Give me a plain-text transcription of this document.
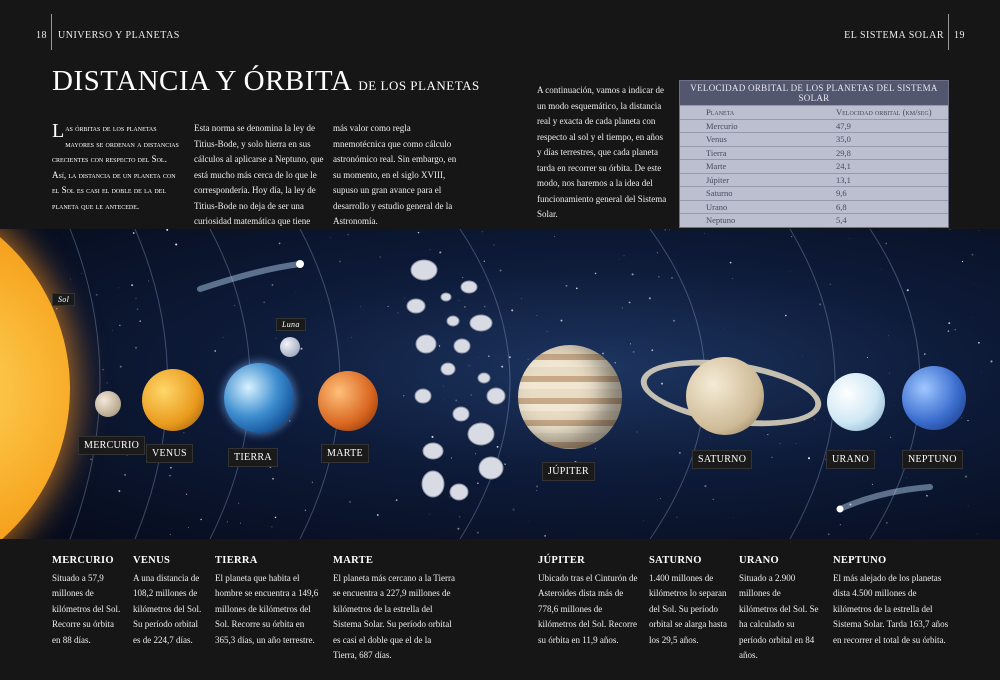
18 UNIVERSO Y PLANETAS	EL SISTEMA SOLAR 19
DISTANCIA Y ÓRBITA DE LOS PLANETAS
Las órbitas de los planetas mayores se ordenan a distancias crecientes con respecto del Sol. Así, la distancia de un planeta con el Sol es casi el doble de la del planeta que le antecede.
Esta norma se denomina la ley de Titius-Bode, y solo hierra en sus cálculos al aplicarse a Neptuno, que está mucho más cerca de lo que le correspondería. Hoy día, la ley de Titius-Bode no deja de ser una curiosidad matemática que tiene
más valor como regla mnemotécnica que como cálculo astronómico real. Sin embargo, en su momento, en el siglo XVIII, supuso un gran avance para el desarrollo y estudio general de la Astronomía.
A continuación, vamos a indicar de un modo esquemático, la distancia real y exacta de cada planeta con respecto al sol y el tiempo, en años y días terrestres, que cada planeta tarda en recorrer su órbita. De este modo, nos haremos a la idea del funcionamiento general del Sistema Solar.
VELOCIDAD ORBITAL DE LOS PLANETAS DEL SISTEMA SOLAR
Planeta	Velocidad orbital (km/seg)
Mercurio	47,9
Venus	35,0
Tierra	29,8
Marte	24,1
Júpiter	13,1
Saturno	9,6
Urano	6,8
Neptuno	5,4
Sol
Luna
MERCURIO
VENUS	TIERRA	MARTE
JÚPITER
SATURNO	URANO	NEPTUNO
MERCURIO
Situado a 57,9 millones de kilómetros del Sol. Recorre su órbita en 88 días.
VENUS
A una distancia de 108,2 millones de kilómetros del Sol. Su período orbital es de 224,7 días.
TIERRA
El planeta que habita el hombre se encuentra a 149,6 millones de kilómetros del Sol. Recorre su órbita en 365,3 días, un año terrestre.
MARTE
El planeta más cercano a la Tierra se encuentra a 227,9 millones de kilómetros de la estrella del Sistema Solar. Su período orbital es casi el doble que el de la Tierra, 687 días.
JÚPITER
Ubicado tras el Cinturón de Asteroides dista más de 778,6 millones de kilómetros del Sol. Recorre su órbita en 11,9 años.
SATURNO
1.400 millones de kilómetros lo separan del Sol. Su período orbital se alarga hasta los 29,5 años.
URANO
Situado a 2.900 millones de kilómetros del Sol. Se ha calculado su período orbital en 84 años.
NEPTUNO
El más alejado de los planetas dista 4.500 millones de kilómetros de la estrella del Sistema Solar. Tarda 163,7 años en recorrer el total de su órbita.
